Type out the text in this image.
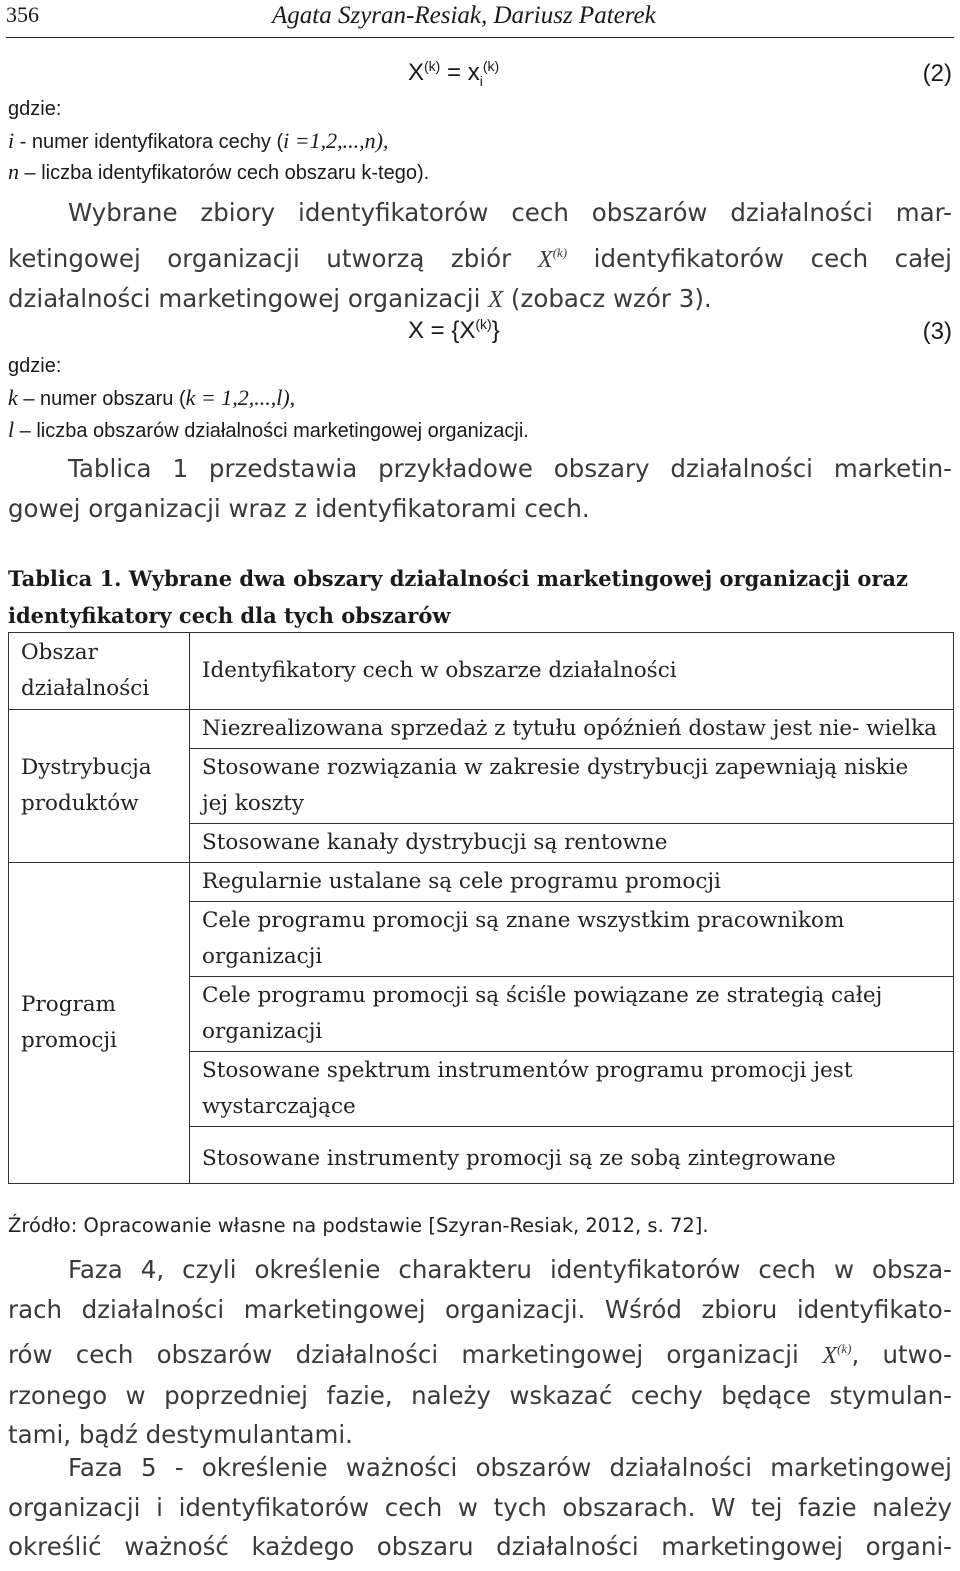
356	Agata Szyran-Resiak, Dariusz Paterek
$X^{(k)} = x_i^{(k)}$	(2)
gdzie:
i - numer identyfikatora cechy (i =1,2,...,n),
n – liczba identyfikatorów cech obszaru k-tego).
Wybrane zbiory identyfikatorów cech obszarów działalności mar-
ketingowej organizacji utworzą zbiór $X^{(k)}$ identyfikatorów cech całej
działalności marketingowej organizacji X (zobacz wzór 3).
$X = \{X^{(k)}\}$	(3)
gdzie:
k – numer obszaru (k = 1,2,...,l),
l – liczba obszarów działalności marketingowej organizacji.
Tablica 1 przedstawia przykładowe obszary działalności marketin-
gowej organizacji wraz z identyfikatorami cech.
Tablica 1. Wybrane dwa obszary działalności marketingowej organizacji oraz
identyfikatory cech dla tych obszarów
Obszar działalności	Identyfikatory cech w obszarze działalności
Dystrybucja produktów	Niezrealizowana sprzedaż z tytułu opóźnień dostaw jest nie- wielka
	Stosowane rozwiązania w zakresie dystrybucji zapewniają niskie jej koszty
	Stosowane kanały dystrybucji są rentowne
Program promocji	Regularnie ustalane są cele programu promocji
	Cele programu promocji są znane wszystkim pracownikom organizacji
	Cele programu promocji są ściśle powiązane ze strategią całej organizacji
	Stosowane spektrum instrumentów programu promocji jest wystarczające
	Stosowane instrumenty promocji są ze sobą zintegrowane
Źródło: Opracowanie własne na podstawie [Szyran-Resiak, 2012, s. 72].
Faza 4, czyli określenie charakteru identyfikatorów cech w obsza-
rach działalności marketingowej organizacji. Wśród zbioru identyfikato-
rów cech obszarów działalności marketingowej organizacji $X^{(k)}$, utwo-
rzonego w poprzedniej fazie, należy wskazać cechy będące stymulan-
tami, bądź destymulantami.
Faza 5 - określenie ważności obszarów działalności marketingowej
organizacji i identyfikatorów cech w tych obszarach. W tej fazie należy
określić ważność każdego obszaru działalności marketingowej organi-
